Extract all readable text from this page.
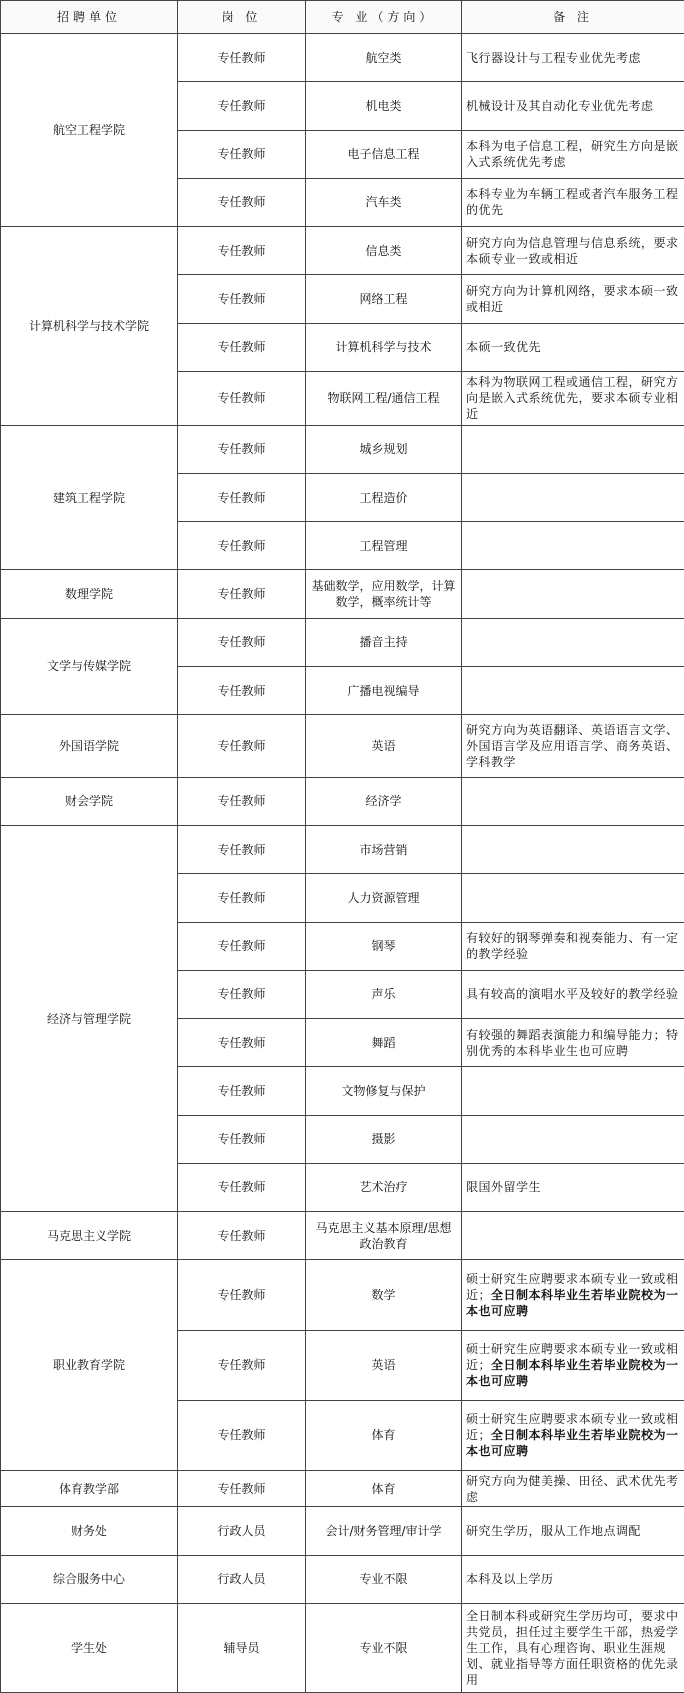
招聘单位	岗 位	专 业（方向）	备 注
航空工程学院	专任教师	航空类	飞行器设计与工程专业优先考虑
	专任教师	机电类	机械设计及其自动化专业优先考虑
	专任教师	电子信息工程	本科为电子信息工程，研究生方向是嵌入式系统优先考虑
	专任教师	汽车类	本科专业为车辆工程或者汽车服务工程的优先
计算机科学与技术学院	专任教师	信息类	研究方向为信息管理与信息系统，要求本硕专业一致或相近
	专任教师	网络工程	研究方向为计算机网络，要求本硕一致或相近
	专任教师	计算机科学与技术	本硕一致优先
	专任教师	物联网工程/通信工程	本科为物联网工程或通信工程，研究方向是嵌入式系统优先，要求本硕专业相近
建筑工程学院	专任教师	城乡规划	
	专任教师	工程造价	
	专任教师	工程管理	
数理学院	专任教师	基础数学，应用数学，计算数学，概率统计等	
文学与传媒学院	专任教师	播音主持	
	专任教师	广播电视编导	
外国语学院	专任教师	英语	研究方向为英语翻译、英语语言文学、外国语言学及应用语言学、商务英语、学科教学
财会学院	专任教师	经济学	
经济与管理学院	专任教师	市场营销	
	专任教师	人力资源管理	
	专任教师	钢琴	有较好的钢琴弹奏和视奏能力、有一定的教学经验
	专任教师	声乐	具有较高的演唱水平及较好的教学经验
	专任教师	舞蹈	有较强的舞蹈表演能力和编导能力；特别优秀的本科毕业生也可应聘
	专任教师	文物修复与保护	
	专任教师	摄影	
	专任教师	艺术治疗	限国外留学生
马克思主义学院	专任教师	马克思主义基本原理/思想政治教育	
职业教育学院	专任教师	数学	硕士研究生应聘要求本硕专业一致或相近；全日制本科毕业生若毕业院校为一本也可应聘
	专任教师	英语	硕士研究生应聘要求本硕专业一致或相近；全日制本科毕业生若毕业院校为一本也可应聘
	专任教师	体育	硕士研究生应聘要求本硕专业一致或相近；全日制本科毕业生若毕业院校为一本也可应聘
体育教学部	专任教师	体育	研究方向为健美操、田径、武术优先考虑
财务处	行政人员	会计/财务管理/审计学	研究生学历，服从工作地点调配
综合服务中心	行政人员	专业不限	本科及以上学历
学生处	辅导员	专业不限	全日制本科或研究生学历均可，要求中共党员，担任过主要学生干部，热爱学生工作，具有心理咨询、职业生涯规划、就业指导等方面任职资格的优先录用
